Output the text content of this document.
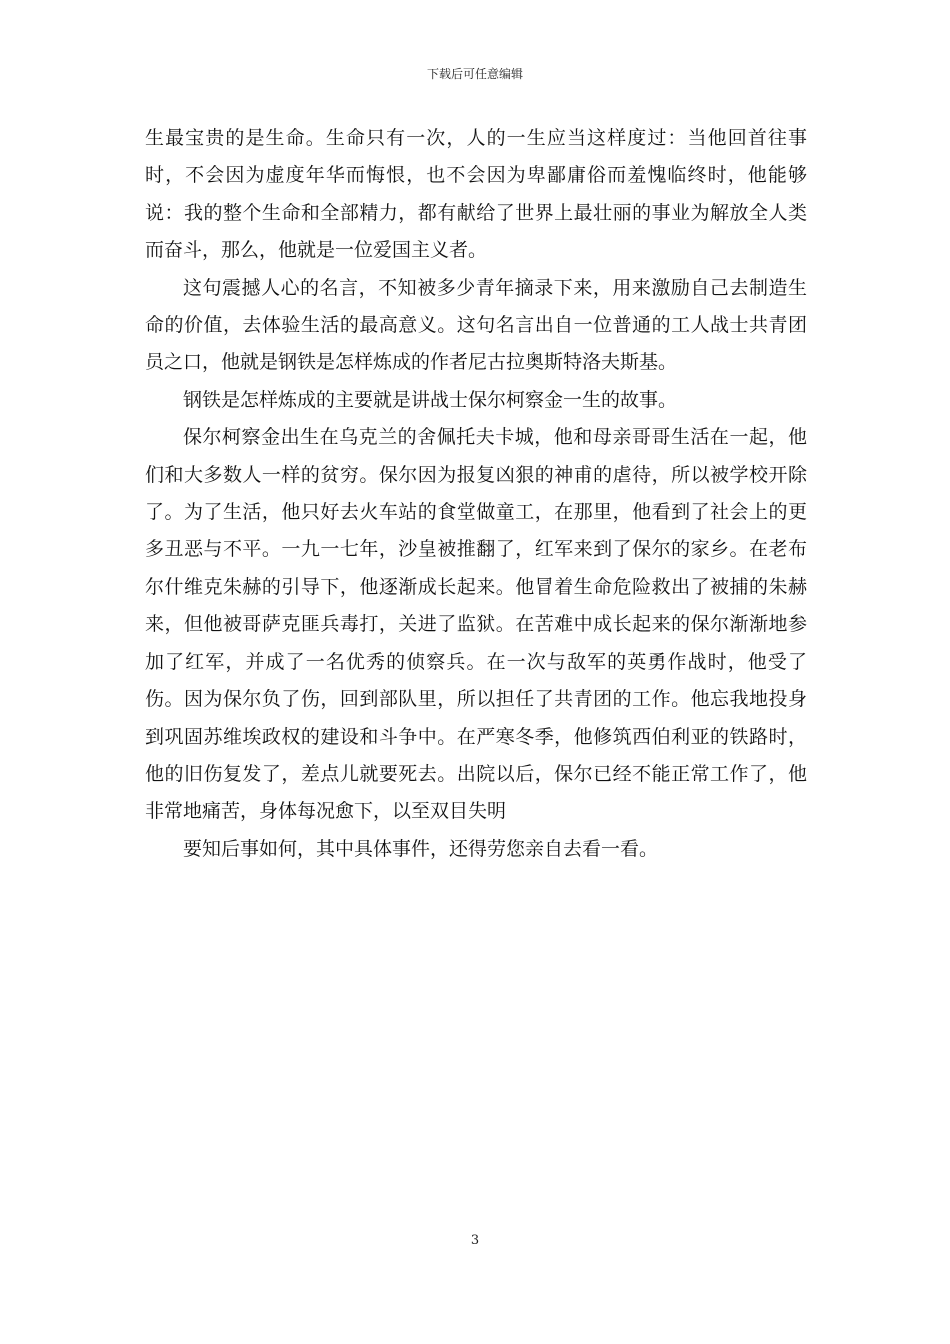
下载后可任意编辑

生最宝贵的是生命。生命只有一次，人的一生应当这样度过：当他回首往事时，不会因为虚度年华而悔恨，也不会因为卑鄙庸俗而羞愧临终时，他能够说：我的整个生命和全部精力，都有献给了世界上最壮丽的事业为解放全人类而奋斗，那么，他就是一位爱国主义者。

这句震撼人心的名言，不知被多少青年摘录下来，用来激励自己去制造生命的价值，去体验生活的最高意义。这句名言出自一位普通的工人战士共青团员之口，他就是钢铁是怎样炼成的作者尼古拉奥斯特洛夫斯基。

钢铁是怎样炼成的主要就是讲战士保尔柯察金一生的故事。

保尔柯察金出生在乌克兰的舍佩托夫卡城，他和母亲哥哥生活在一起，他们和大多数人一样的贫穷。保尔因为报复凶狠的神甫的虐待，所以被学校开除了。为了生活，他只好去火车站的食堂做童工，在那里，他看到了社会上的更多丑恶与不平。一九一七年，沙皇被推翻了，红军来到了保尔的家乡。在老布尔什维克朱赫的引导下，他逐渐成长起来。他冒着生命危险救出了被捕的朱赫来，但他被哥萨克匪兵毒打，关进了监狱。在苦难中成长起来的保尔渐渐地参加了红军，并成了一名优秀的侦察兵。在一次与敌军的英勇作战时，他受了伤。因为保尔负了伤，回到部队里，所以担任了共青团的工作。他忘我地投身到巩固苏维埃政权的建设和斗争中。在严寒冬季，他修筑西伯利亚的铁路时，他的旧伤复发了，差点儿就要死去。出院以后，保尔已经不能正常工作了，他非常地痛苦，身体每况愈下，以至双目失明

要知后事如何，其中具体事件，还得劳您亲自去看一看。

3
